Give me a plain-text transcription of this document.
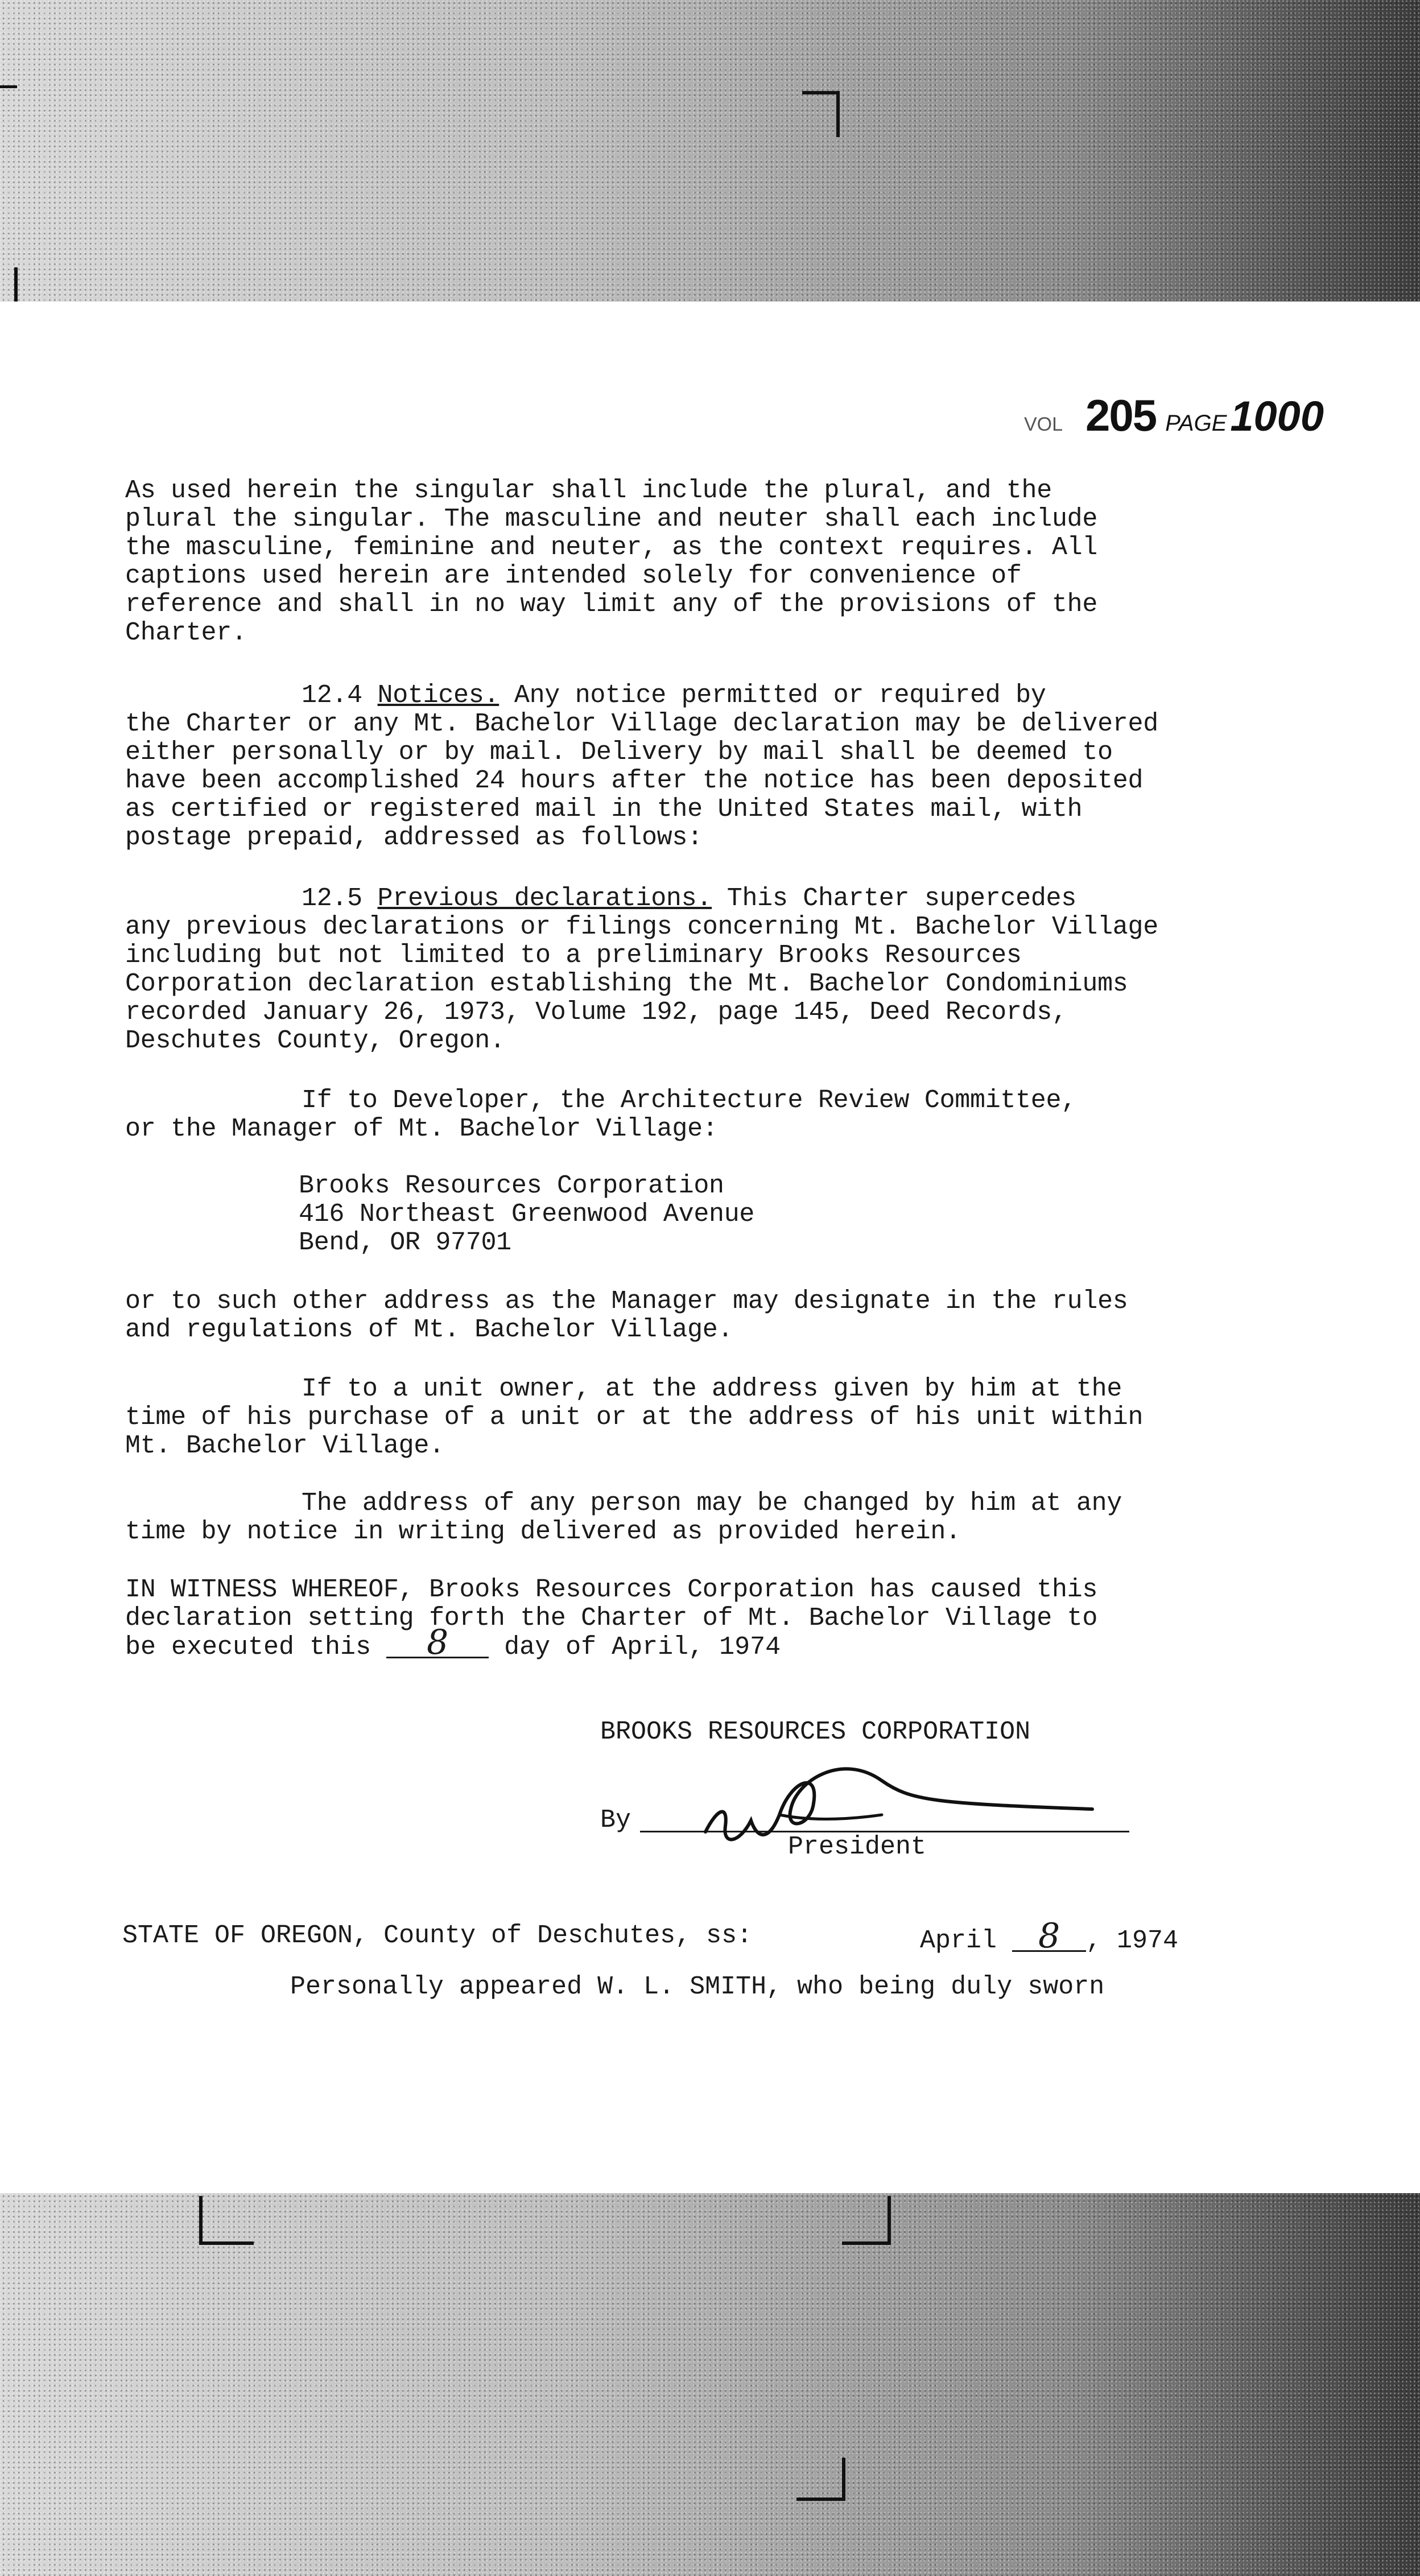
VOL 205 PAGE1000

As used herein the singular shall include the plural, and the
plural the singular. The masculine and neuter shall each include
the masculine, feminine and neuter, as the context requires. All
captions used herein are intended solely for convenience of
reference and shall in no way limit any of the provisions of the
Charter.

12.4 Notices. Any notice permitted or required by
the Charter or any Mt. Bachelor Village declaration may be delivered
either personally or by mail. Delivery by mail shall be deemed to
have been accomplished 24 hours after the notice has been deposited
as certified or registered mail in the United States mail, with
postage prepaid, addressed as follows:

12.5 Previous declarations. This Charter supercedes
any previous declarations or filings concerning Mt. Bachelor Village
including but not limited to a preliminary Brooks Resources
Corporation declaration establishing the Mt. Bachelor Condominiums
recorded January 26, 1973, Volume 192, page 145, Deed Records,
Deschutes County, Oregon.

If to Developer, the Architecture Review Committee,
or the Manager of Mt. Bachelor Village:

Brooks Resources Corporation
416 Northeast Greenwood Avenue
Bend, OR 97701

or to such other address as the Manager may designate in the rules
and regulations of Mt. Bachelor Village.

If to a unit owner, at the address given by him at the
time of his purchase of a unit or at the address of his unit within
Mt. Bachelor Village.

The address of any person may be changed by him at any
time by notice in writing delivered as provided herein.

IN WITNESS WHEREOF, Brooks Resources Corporation has caused this
declaration setting forth the Charter of Mt. Bachelor Village to

be executed this 8 day of April, 1974
BROOKS RESOURCES CORPORATION
By
President
STATE OF OREGON, County of Deschutes, ss:	April 8 , 1974
Personally appeared W. L. SMITH, who being duly sworn
